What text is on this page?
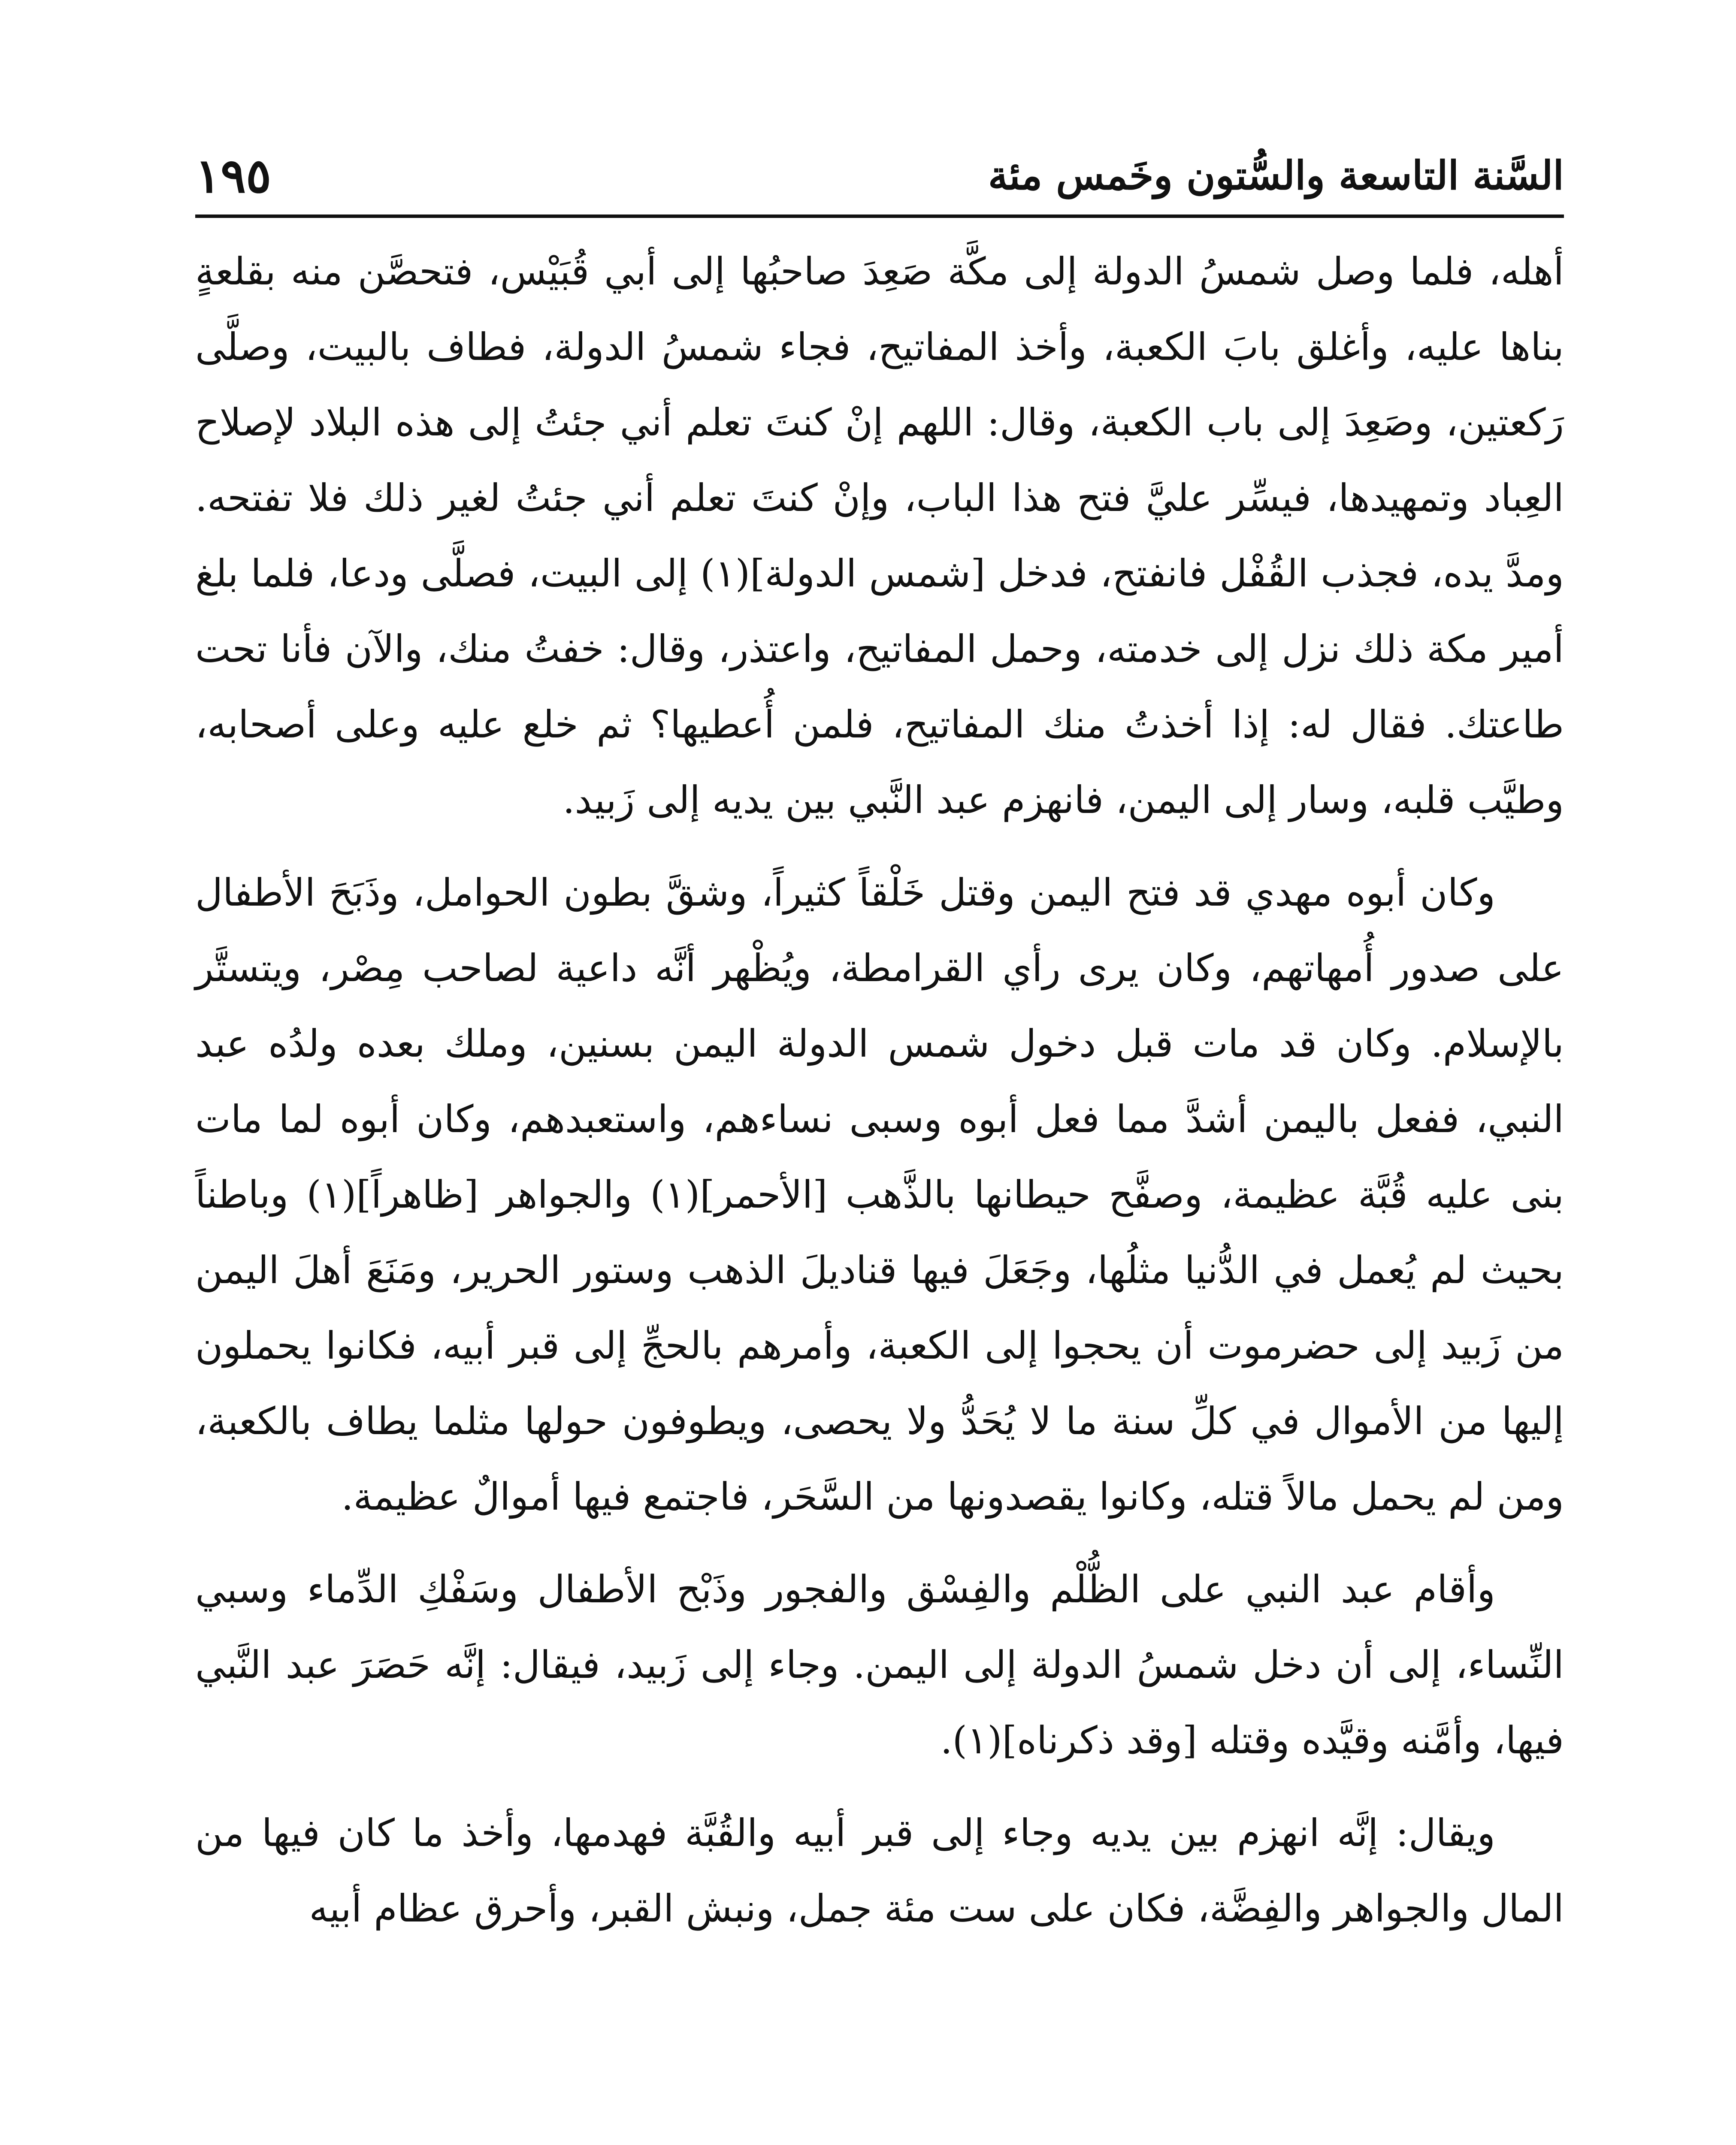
السَّنة التاسعة والسُّتون وخَمس مئة
١٩٥

أهله، فلما وصل شمسُ الدولة إلى مكَّة صَعِدَ صاحبُها إلى أبي قُبَيْس، فتحصَّن منه بقلعةٍ بناها عليه، وأغلق بابَ الكعبة، وأخذ المفاتيح، فجاء شمسُ الدولة، فطاف بالبيت، وصلَّى رَكعتين، وصَعِدَ إلى باب الكعبة، وقال: اللهم إنْ كنتَ تعلم أني جئتُ إلى هذه البلاد لإصلاح العِباد وتمهيدها، فيسِّر عليَّ فتح هذا الباب، وإنْ كنتَ تعلم أني جئتُ لغير ذلك فلا تفتحه. ومدَّ يده، فجذب القُفْل فانفتح، فدخل [شمس الدولة](١) إلى البيت، فصلَّى ودعا، فلما بلغ أمير مكة ذلك نزل إلى خدمته، وحمل المفاتيح، واعتذر، وقال: خفتُ منك، والآن فأنا تحت طاعتك. فقال له: إذا أخذتُ منك المفاتيح، فلمن أُعطيها؟ ثم خلع عليه وعلى أصحابه، وطيَّب قلبه، وسار إلى اليمن، فانهزم عبد النَّبي بين يديه إلى زَبيد.

وكان أبوه مهدي قد فتح اليمن وقتل خَلْقاً كثيراً، وشقَّ بطون الحوامل، وذَبَحَ الأطفال على صدور أُمهاتهم، وكان يرى رأي القرامطة، ويُظْهر أنَّه داعية لصاحب مِصْر، ويتستَّر بالإسلام. وكان قد مات قبل دخول شمس الدولة اليمن بسنين، وملك بعده ولدُه عبد النبي، ففعل باليمن أشدَّ مما فعل أبوه وسبى نساءهم، واستعبدهم، وكان أبوه لما مات بنى عليه قُبَّة عظيمة، وصفَّح حيطانها بالذَّهب [الأحمر](١) والجواهر [ظاهراً](١) وباطناً بحيث لم يُعمل في الدُّنيا مثلُها، وجَعَلَ فيها قناديلَ الذهب وستور الحرير، ومَنَعَ أهلَ اليمن من زَبيد إلى حضرموت أن يحجوا إلى الكعبة، وأمرهم بالحجِّ إلى قبر أبيه، فكانوا يحملون إليها من الأموال في كلِّ سنة ما لا يُحَدُّ ولا يحصى، ويطوفون حولها مثلما يطاف بالكعبة، ومن لم يحمل مالاً قتله، وكانوا يقصدونها من السَّحَر، فاجتمع فيها أموالٌ عظيمة.

وأقام عبد النبي على الظُّلْم والفِسْق والفجور وذَبْح الأطفال وسَفْكِ الدِّماء وسبي النِّساء، إلى أن دخل شمسُ الدولة إلى اليمن. وجاء إلى زَبيد، فيقال: إنَّه حَصَرَ عبد النَّبي فيها، وأمَّنه وقيَّده وقتله [وقد ذكرناه](١).

ويقال: إنَّه انهزم بين يديه وجاء إلى قبر أبيه والقُبَّة فهدمها، وأخذ ما كان فيها من المال والجواهر والفِضَّة، فكان على ست مئة جمل، ونبش القبر، وأحرق عظام أبيه
